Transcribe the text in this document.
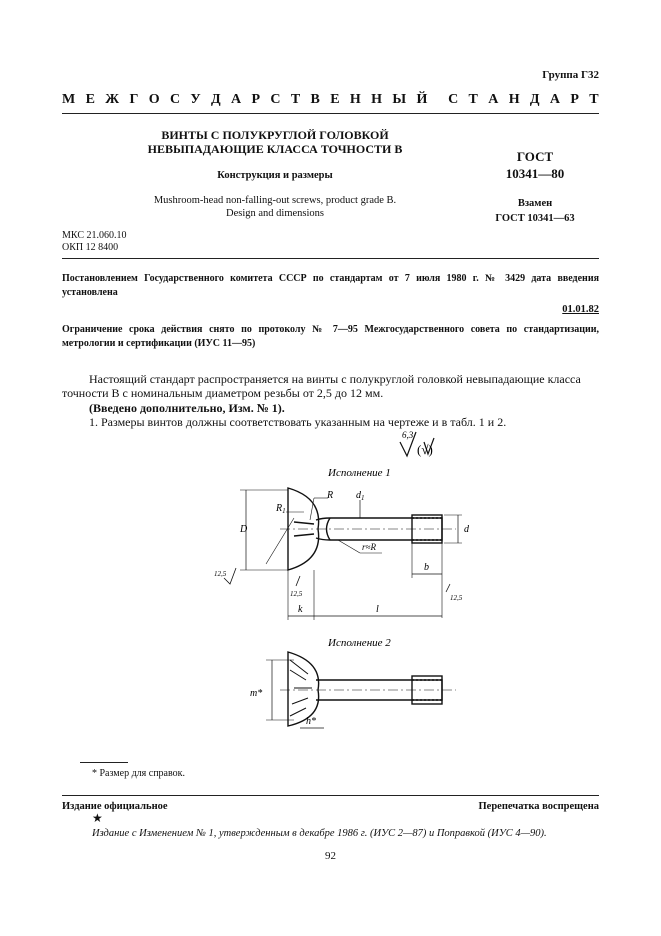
Группа Г32
М Е Ж Г О С У Д А Р С Т В Е Н Н Ы Й С Т А Н Д А Р Т
ВИНТЫ С ПОЛУКРУГЛОЙ ГОЛОВКОЙ
НЕВЫПАДАЮЩИЕ КЛАССА ТОЧНОСТИ В
Конструкция и размеры
Mushroom-head non-falling-out screws, product grade B.
Design and dimensions
ГОСТ
10341—80
Взамен
ГОСТ 10341—63
МКС 21.060.10
ОКП 12 8400
Постановлением Государственного комитета СССР по стандартам от 7 июля 1980 г. № 3429 дата введения установлена
01.01.82
Ограничение срока действия снято по протоколу № 7—95 Межгосударственного совета по стандартизации, метрологии и сертификации (ИУС 11—95)
Настоящий стандарт распространяется на винты с полукруглой головкой невыпадающие класса точности В с номинальным диаметром резьбы от 2,5 до 12 мм.
(Введено дополнительно, Изм. № 1).
1. Размеры винтов должны соответствовать указанным на чертеже и в табл. 1 и 2.
6,3
(√)
Исполнение 1
R
$R_1$
$d_1$
D	d
r≈R
b
k	l
12,5
12,5	12,5
Исполнение 2
m*
h*
* Размер для справок.
Издание официальное	Перепечатка воспрещена
★
Издание с Изменением № 1, утвержденным в декабре 1986 г. (ИУС 2—87) и Поправкой (ИУС 4—90).
92
